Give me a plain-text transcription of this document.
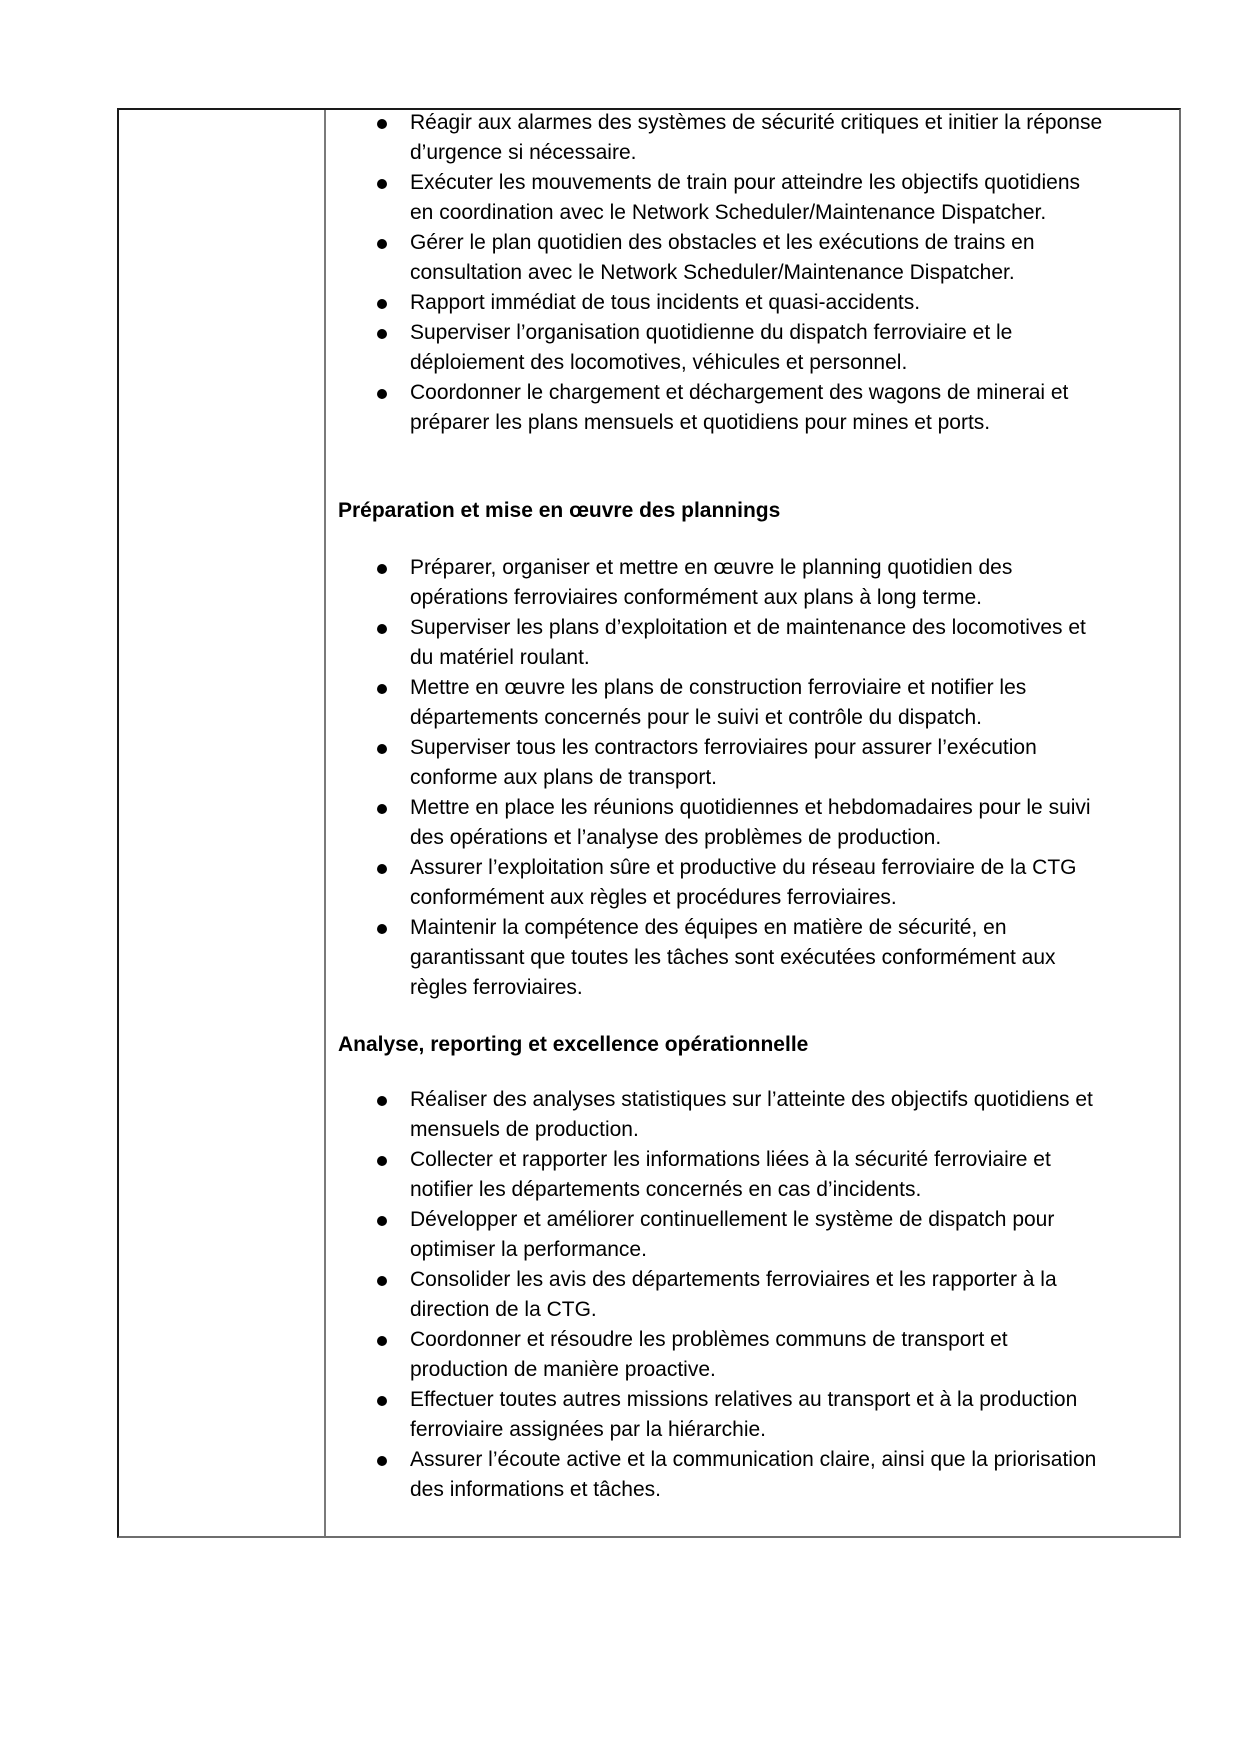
Réagir aux alarmes des systèmes de sécurité critiques et initier la réponse
d’urgence si nécessaire.
Exécuter les mouvements de train pour atteindre les objectifs quotidiens
en coordination avec le Network Scheduler/Maintenance Dispatcher.
Gérer le plan quotidien des obstacles et les exécutions de trains en
consultation avec le Network Scheduler/Maintenance Dispatcher.
Rapport immédiat de tous incidents et quasi-accidents.
Superviser l’organisation quotidienne du dispatch ferroviaire et le
déploiement des locomotives, véhicules et personnel.
Coordonner le chargement et déchargement des wagons de minerai et
préparer les plans mensuels et quotidiens pour mines et ports.
Préparation et mise en œuvre des plannings
Préparer, organiser et mettre en œuvre le planning quotidien des
opérations ferroviaires conformément aux plans à long terme.
Superviser les plans d’exploitation et de maintenance des locomotives et
du matériel roulant.
Mettre en œuvre les plans de construction ferroviaire et notifier les
départements concernés pour le suivi et contrôle du dispatch.
Superviser tous les contractors ferroviaires pour assurer l’exécution
conforme aux plans de transport.
Mettre en place les réunions quotidiennes et hebdomadaires pour le suivi
des opérations et l’analyse des problèmes de production.
Assurer l’exploitation sûre et productive du réseau ferroviaire de la CTG
conformément aux règles et procédures ferroviaires.
Maintenir la compétence des équipes en matière de sécurité, en
garantissant que toutes les tâches sont exécutées conformément aux
règles ferroviaires.
Analyse, reporting et excellence opérationnelle
Réaliser des analyses statistiques sur l’atteinte des objectifs quotidiens et
mensuels de production.
Collecter et rapporter les informations liées à la sécurité ferroviaire et
notifier les départements concernés en cas d’incidents.
Développer et améliorer continuellement le système de dispatch pour
optimiser la performance.
Consolider les avis des départements ferroviaires et les rapporter à la
direction de la CTG.
Coordonner et résoudre les problèmes communs de transport et
production de manière proactive.
Effectuer toutes autres missions relatives au transport et à la production
ferroviaire assignées par la hiérarchie.
Assurer l’écoute active et la communication claire, ainsi que la priorisation
des informations et tâches.
